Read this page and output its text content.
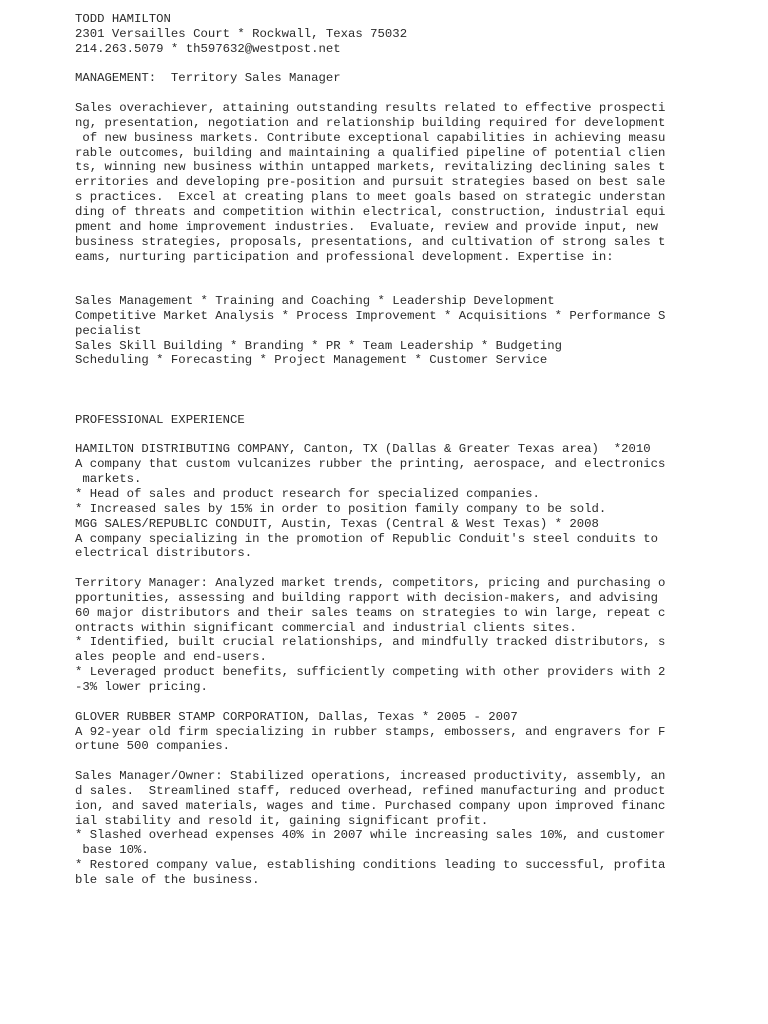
TODD HAMILTON
2301 Versailles Court * Rockwall, Texas 75032
214.263.5079 * th597632@westpost.net
MANAGEMENT:  Territory Sales Manager
Sales overachiever, attaining outstanding results related to effective prospecti
ng, presentation, negotiation and relationship building required for development
of new business markets. Contribute exceptional capabilities in achieving measu
rable outcomes, building and maintaining a qualified pipeline of potential clien
ts, winning new business within untapped markets, revitalizing declining sales t
erritories and developing pre-position and pursuit strategies based on best sale
s practices.  Excel at creating plans to meet goals based on strategic understan
ding of threats and competition within electrical, construction, industrial equi
pment and home improvement industries.  Evaluate, review and provide input, new
business strategies, proposals, presentations, and cultivation of strong sales t
eams, nurturing participation and professional development. Expertise in:
Sales Management * Training and Coaching * Leadership Development
Competitive Market Analysis * Process Improvement * Acquisitions * Performance S
pecialist
Sales Skill Building * Branding * PR * Team Leadership * Budgeting
Scheduling * Forecasting * Project Management * Customer Service
PROFESSIONAL EXPERIENCE
HAMILTON DISTRIBUTING COMPANY, Canton, TX (Dallas & Greater Texas area)  *2010
A company that custom vulcanizes rubber the printing, aerospace, and electronics
markets.
* Head of sales and product research for specialized companies.
* Increased sales by 15% in order to position family company to be sold.
MGG SALES/REPUBLIC CONDUIT, Austin, Texas (Central & West Texas) * 2008
A company specializing in the promotion of Republic Conduit's steel conduits to
electrical distributors.
Territory Manager: Analyzed market trends, competitors, pricing and purchasing o
pportunities, assessing and building rapport with decision-makers, and advising
60 major distributors and their sales teams on strategies to win large, repeat c
ontracts within significant commercial and industrial clients sites.
* Identified, built crucial relationships, and mindfully tracked distributors, s
ales people and end-users.
* Leveraged product benefits, sufficiently competing with other providers with 2
-3% lower pricing.
GLOVER RUBBER STAMP CORPORATION, Dallas, Texas * 2005 - 2007
A 92-year old firm specializing in rubber stamps, embossers, and engravers for F
ortune 500 companies.
Sales Manager/Owner: Stabilized operations, increased productivity, assembly, an
d sales.  Streamlined staff, reduced overhead, refined manufacturing and product
ion, and saved materials, wages and time. Purchased company upon improved financ
ial stability and resold it, gaining significant profit.
* Slashed overhead expenses 40% in 2007 while increasing sales 10%, and customer
base 10%.
* Restored company value, establishing conditions leading to successful, profita
ble sale of the business.
